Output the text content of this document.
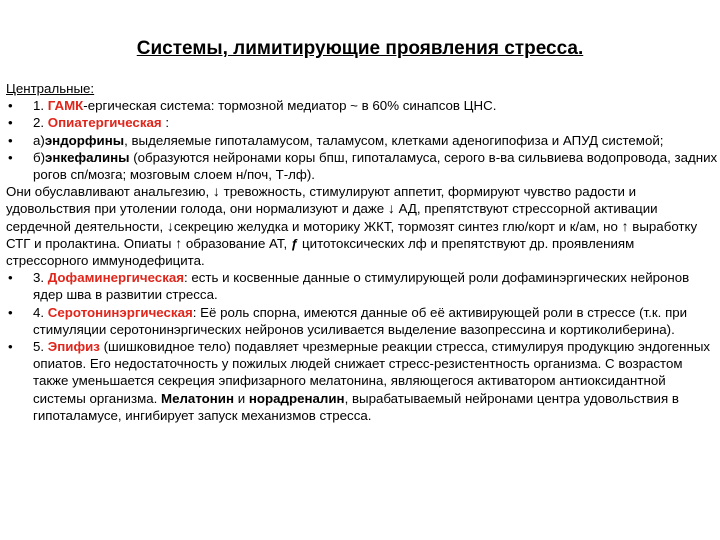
Системы, лимитирующие проявления стресса.
Центральные:
• 1. ГАМК-ергическая система: тормозной медиатор ~ в 60% синапсов ЦНС.
• 2. Опиатергическая :
• а)эндорфины, выделяемые гипоталамусом, таламусом, клетками аденогипофиза и АПУД системой;
• б)энкефалины (образуются нейронами коры бпш, гипоталамуса, серого в-ва сильвиева водопровода, задних рогов сп/мозга; мозговым слоем н/поч, Т-лф).
Они обуславливают анальгезию, ↓ тревожность, стимулируют аппетит, формируют чувство радости и удовольствия при утолении голода, они нормализуют и даже ↓ АД, препятствуют стрессорной активации сердечной деятельности, ↓секрецию желудка и моторику ЖКТ, тормозят синтез глю/корт и к/ам, но ↑ выработку СТГ и пролактина. Опиаты ↑ образование АТ, ƒ цитотоксических лф и препятствуют др. проявлениям стрессорного иммунодефицита.
• 3. Дофаминергическая: есть и косвенные данные о стимулирующей роли дофаминэргических нейронов ядер шва в развитии стресса.
• 4. Серотонинэргическая: Её роль спорна, имеются данные об её активирующей роли в стрессе (т.к. при стимуляции серотонинэргических нейронов усиливается выделение вазопрессина и кортиколиберина).
• 5. Эпифиз (шишковидное тело) подавляет чрезмерные реакции стресса, стимулируя продукцию эндогенных опиатов. Его недостаточность у пожилых людей снижает стресс-резистентность организма. С возрастом также уменьшается секреция эпифизарного мелатонина, являющегося активатором антиоксидантной системы организма. Мелатонин и норадреналин, вырабатываемый нейронами центра удовольствия в гипоталамусе, ингибирует запуск механизмов стресса.
